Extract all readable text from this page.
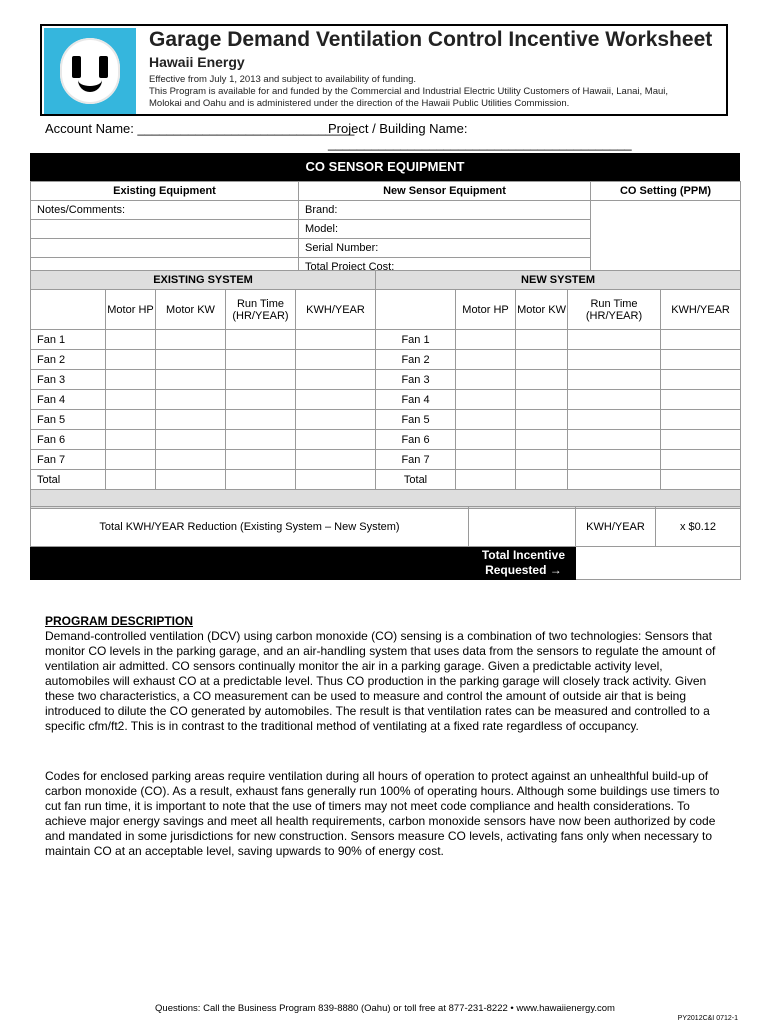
Garage Demand Ventilation Control Incentive Worksheet
Hawaii Energy
Effective from July 1, 2013 and subject to availability of funding.
This Program is available for and funded by the Commercial and Industrial Electric Utility Customers of Hawaii, Lanai, Maui,
Molokai and Oahu and is administered under the direction of the Hawaii Public Utilities Commission.
Account Name: ______________________________
Project / Building Name: __________________________________________
CO SENSOR EQUIPMENT
Existing Equipment	New Sensor Equipment	CO Setting (PPM)
Notes/Comments:	Brand:	
	Model:	
	Serial Number:	
	Total Project Cost:	
EXISTING SYSTEM					NEW SYSTEM				
	Motor HP	Motor KW	Run Time (HR/YEAR)	KWH/YEAR		Motor HP	Motor KW	Run Time (HR/YEAR)	KWH/YEAR
Fan 1					Fan 1				
Fan 2					Fan 2				
Fan 3					Fan 3				
Fan 4					Fan 4				
Fan 5					Fan 5				
Fan 6					Fan 6				
Fan 7					Fan 7				
Total					Total				

Total KWH/YEAR Reduction (Existing System – New System)		KWH/YEAR	x $0.12

Total Incentive
Requested →			

PROGRAM DESCRIPTION
Demand-controlled ventilation (DCV) using carbon monoxide (CO) sensing is a combination of two technologies: Sensors that monitor CO levels in the parking garage, and an air-handling system that uses data from the sensors to regulate the amount of ventilation air admitted. CO sensors continually monitor the air in a parking garage. Given a predictable activity level, automobiles will exhaust CO at a predictable level. Thus CO production in the parking garage will closely track activity. Given these two characteristics, a CO measurement can be used to measure and control the amount of outside air that is being introduced to dilute the CO generated by automobiles. The result is that ventilation rates can be measured and controlled to a specific cfm/ft2. This is in contrast to the traditional method of ventilating at a fixed rate regardless of occupancy.
Codes for enclosed parking areas require ventilation during all hours of operation to protect against an unhealthful build-up of carbon monoxide (CO). As a result, exhaust fans generally run 100% of operating hours. Although some buildings use timers to cut fan run time, it is important to note that the use of timers may not meet code compliance and health considerations. To achieve major energy savings and meet all health requirements, carbon monoxide sensors have now been authorized by code and mandated in some jurisdictions for new construction. Sensors measure CO levels, activating fans only when necessary to maintain CO at an acceptable level, saving upwards to 90% of energy cost.
Questions: Call the Business Program 839-8880 (Oahu) or toll free at 877-231-8222 • www.hawaiienergy.com
PY2012C&I 0712-1
